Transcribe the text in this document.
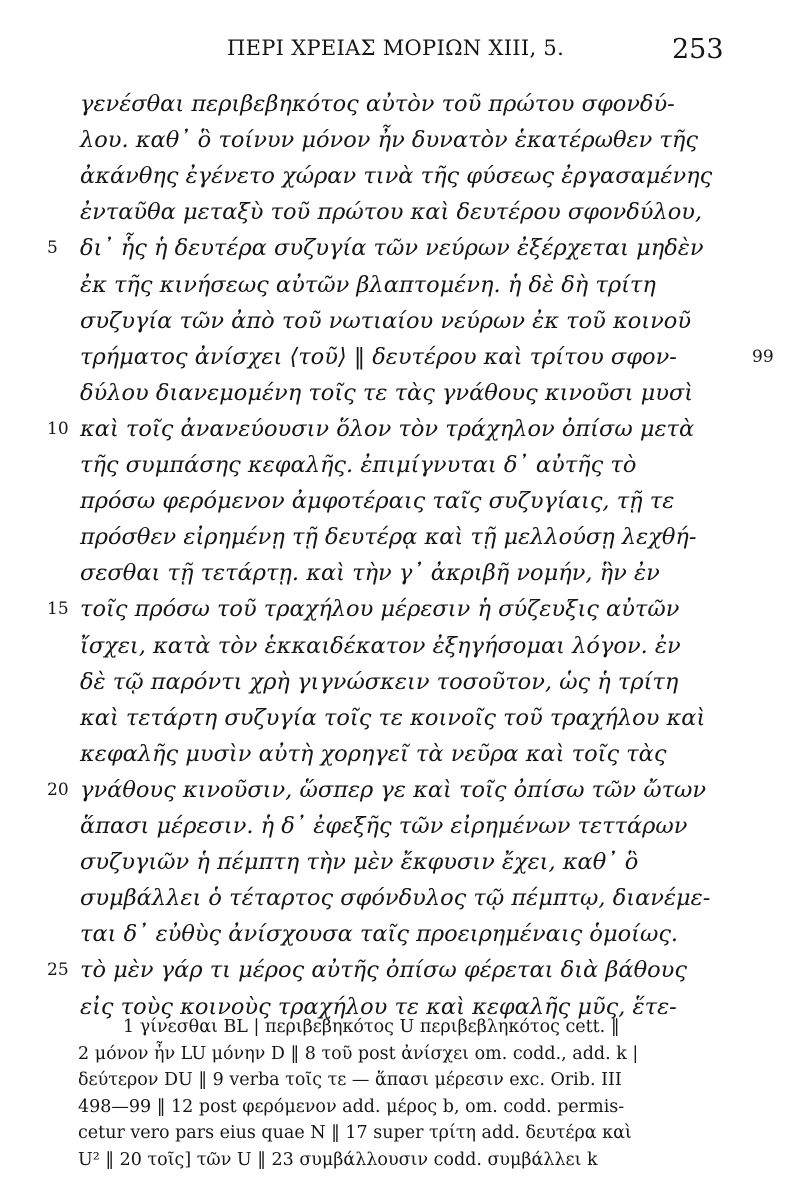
ΠΕΡΙ ΧΡΕΙΑΣ ΜΟΡΙΩΝ XIII, 5.	253
γενέσθαι περιβεβηκότος αὐτὸν τοῦ πρώτου σφονδύ-
λου. καθ᾽ ὃ τοίνυν μόνον ἦν δυνατὸν ἑκατέρωθεν τῆς
ἀκάνθης ἐγένετο χώραν τινὰ τῆς φύσεως ἐργασαμένης
ἐνταῦθα μεταξὺ τοῦ πρώτου καὶ δευτέρου σφονδύλου,
δι᾽ ἧς ἡ δευτέρα συζυγία τῶν νεύρων ἐξέρχεται μηδὲν
5
ἐκ τῆς κινήσεως αὐτῶν βλαπτομένη. ἡ δὲ δὴ τρίτη
συζυγία τῶν ἀπὸ τοῦ νωτιαίου νεύρων ἐκ τοῦ κοινοῦ
τρήματος ἀνίσχει ⟨τοῦ⟩ ‖ δευτέρου καὶ τρίτου σφον-	99
δύλου διανεμομένη τοῖς τε τὰς γνάθους κινοῦσι μυσὶ
καὶ τοῖς ἀνανεύουσιν ὅλον τὸν τράχηλον ὀπίσω μετὰ
10
τῆς συμπάσης κεφαλῆς. ἐπιμίγνυται δ᾽ αὐτῆς τὸ
πρόσω φερόμενον ἀμφοτέραις ταῖς συζυγίαις, τῇ τε
πρόσθεν εἰρημένῃ τῇ δευτέρᾳ καὶ τῇ μελλούσῃ λεχθή-
σεσθαι τῇ τετάρτῃ. καὶ τὴν γ᾽ ἀκριβῆ νομήν, ἣν ἐν
τοῖς πρόσω τοῦ τραχήλου μέρεσιν ἡ σύζευξις αὐτῶν
15
ἴσχει, κατὰ τὸν ἑκκαιδέκατον ἐξηγήσομαι λόγον. ἐν
δὲ τῷ παρόντι χρὴ γιγνώσκειν τοσοῦτον, ὡς ἡ τρίτη
καὶ τετάρτη συζυγία τοῖς τε κοινοῖς τοῦ τραχήλου καὶ
κεφαλῆς μυσὶν αὐτὴ χορηγεῖ τὰ νεῦρα καὶ τοῖς τὰς
γνάθους κινοῦσιν, ὥσπερ γε καὶ τοῖς ὀπίσω τῶν ὤτων
20
ἅπασι μέρεσιν. ἡ δ᾽ ἐφεξῆς τῶν εἰρημένων τεττάρων
συζυγιῶν ἡ πέμπτη τὴν μὲν ἔκφυσιν ἔχει, καθ᾽ ὃ
συμβάλλει ὁ τέταρτος σφόνδυλος τῷ πέμπτῳ, διανέμε-
ται δ᾽ εὐθὺς ἀνίσχουσα ταῖς προειρημέναις ὁμοίως.
τὸ μὲν γάρ τι μέρος αὐτῆς ὀπίσω φέρεται διὰ βάθους
25
εἰς τοὺς κοινοὺς τραχήλου τε καὶ κεφαλῆς μῦς, ἕτε-
1 γίνεσθαι BL | περιβεβηκότος U περιβεβληκότος cett. ‖
2 μόνον ἦν LU μόνην D ‖ 8 τοῦ post ἀνίσχει om. codd., add. k |
δεύτερον DU ‖ 9 verba τοῖς τε — ἅπασι μέρεσιν exc. Orib. III
498—99 ‖ 12 post φερόμενον add. μέρος b, om. codd. permis-
cetur vero pars eius quae N ‖ 17 super τρίτη add. δευτέρα καὶ
U² ‖ 20 τοῖς] τῶν U ‖ 23 συμβάλλουσιν codd. συμβάλλει k
